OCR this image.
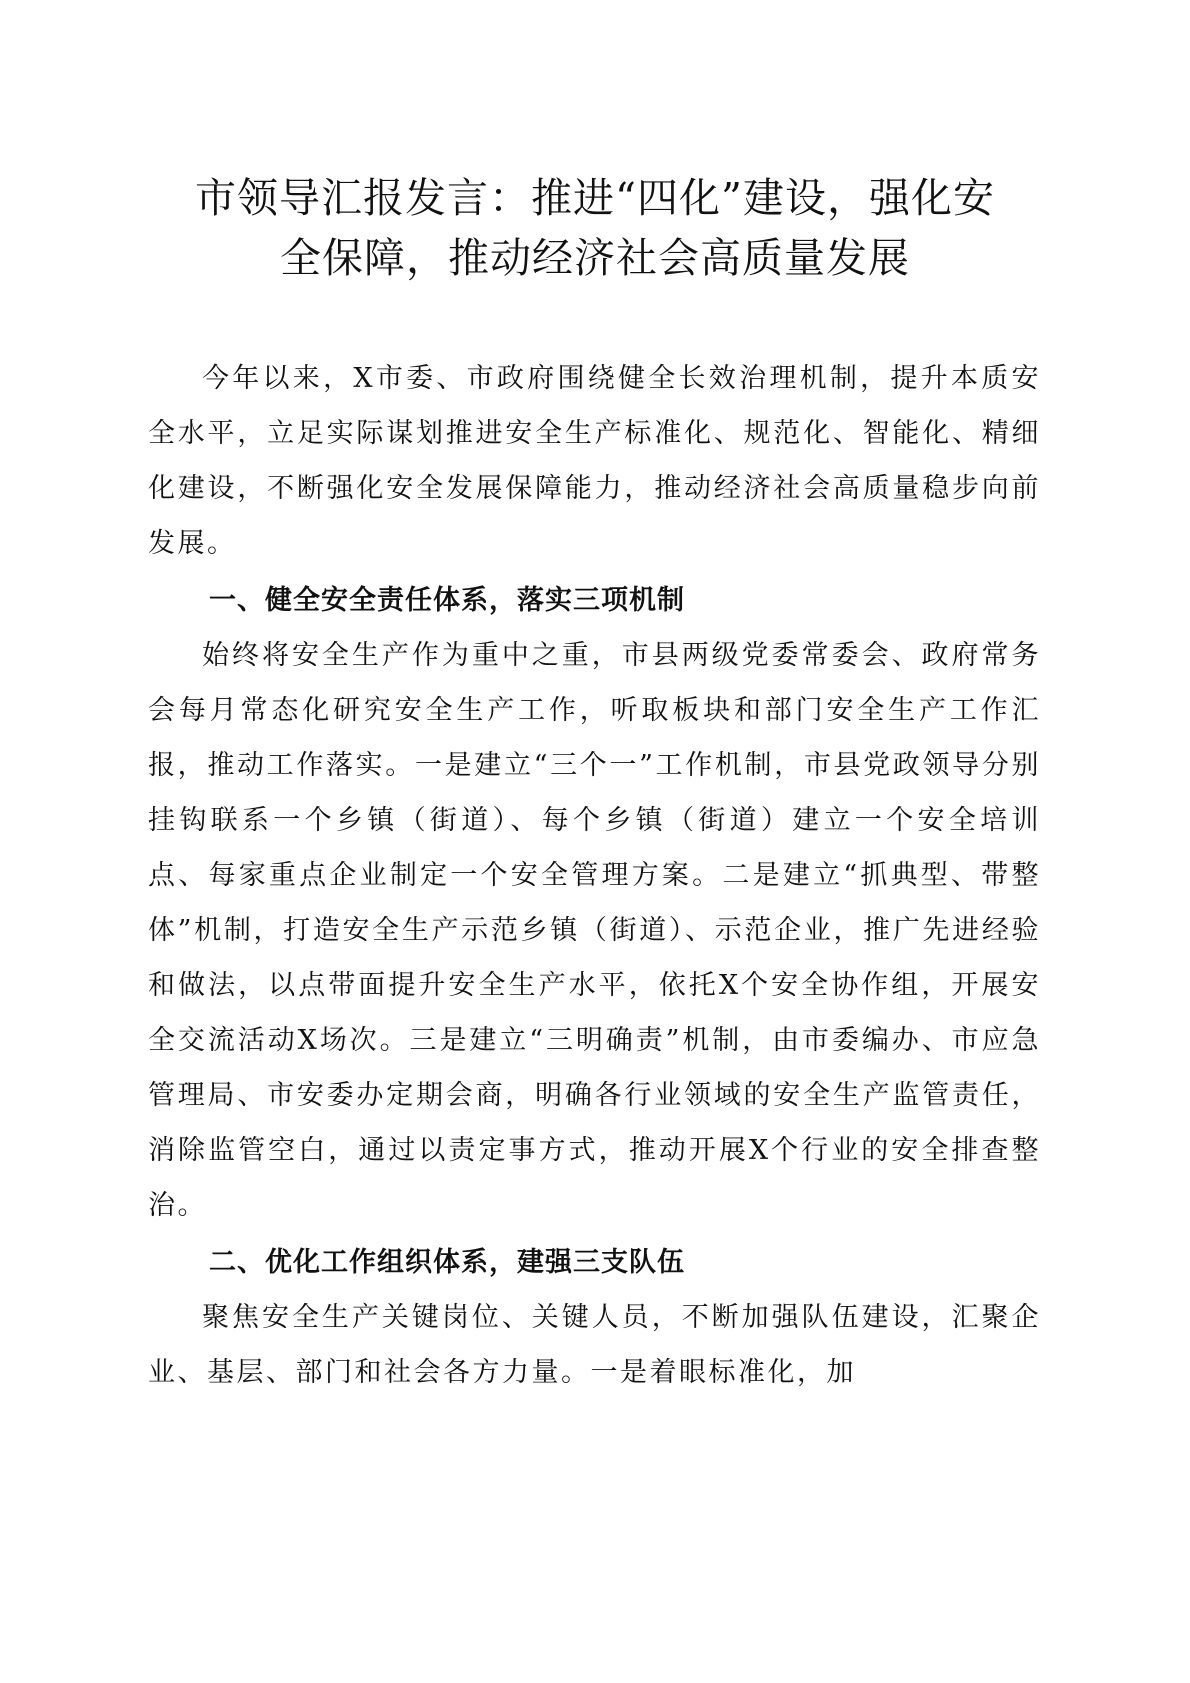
市领导汇报发言：推进“四化”建设，强化安
全保障，推动经济社会高质量发展

今年以来，X市委、市政府围绕健全长效治理机制，提升本质安全水平，立足实际谋划推进安全生产标准化、规范化、智能化、精细化建设，不断强化安全发展保障能力，推动经济社会高质量稳步向前发展。

一、健全安全责任体系，落实三项机制

始终将安全生产作为重中之重，市县两级党委常委会、政府常务会每月常态化研究安全生产工作，听取板块和部门安全生产工作汇报，推动工作落实。一是建立“三个一”工作机制，市县党政领导分别挂钩联系一个乡镇（街道）、每个乡镇（街道）建立一个安全培训点、每家重点企业制定一个安全管理方案。二是建立“抓典型、带整体”机制，打造安全生产示范乡镇（街道）、示范企业，推广先进经验和做法，以点带面提升安全生产水平，依托X个安全协作组，开展安全交流活动X场次。三是建立“三明确责”机制，由市委编办、市应急管理局、市安委办定期会商，明确各行业领域的安全生产监管责任，消除监管空白，通过以责定事方式，推动开展X个行业的安全排查整治。

二、优化工作组织体系，建强三支队伍

聚焦安全生产关键岗位、关键人员，不断加强队伍建设，汇聚企业、基层、部门和社会各方力量。一是着眼标准化，加
